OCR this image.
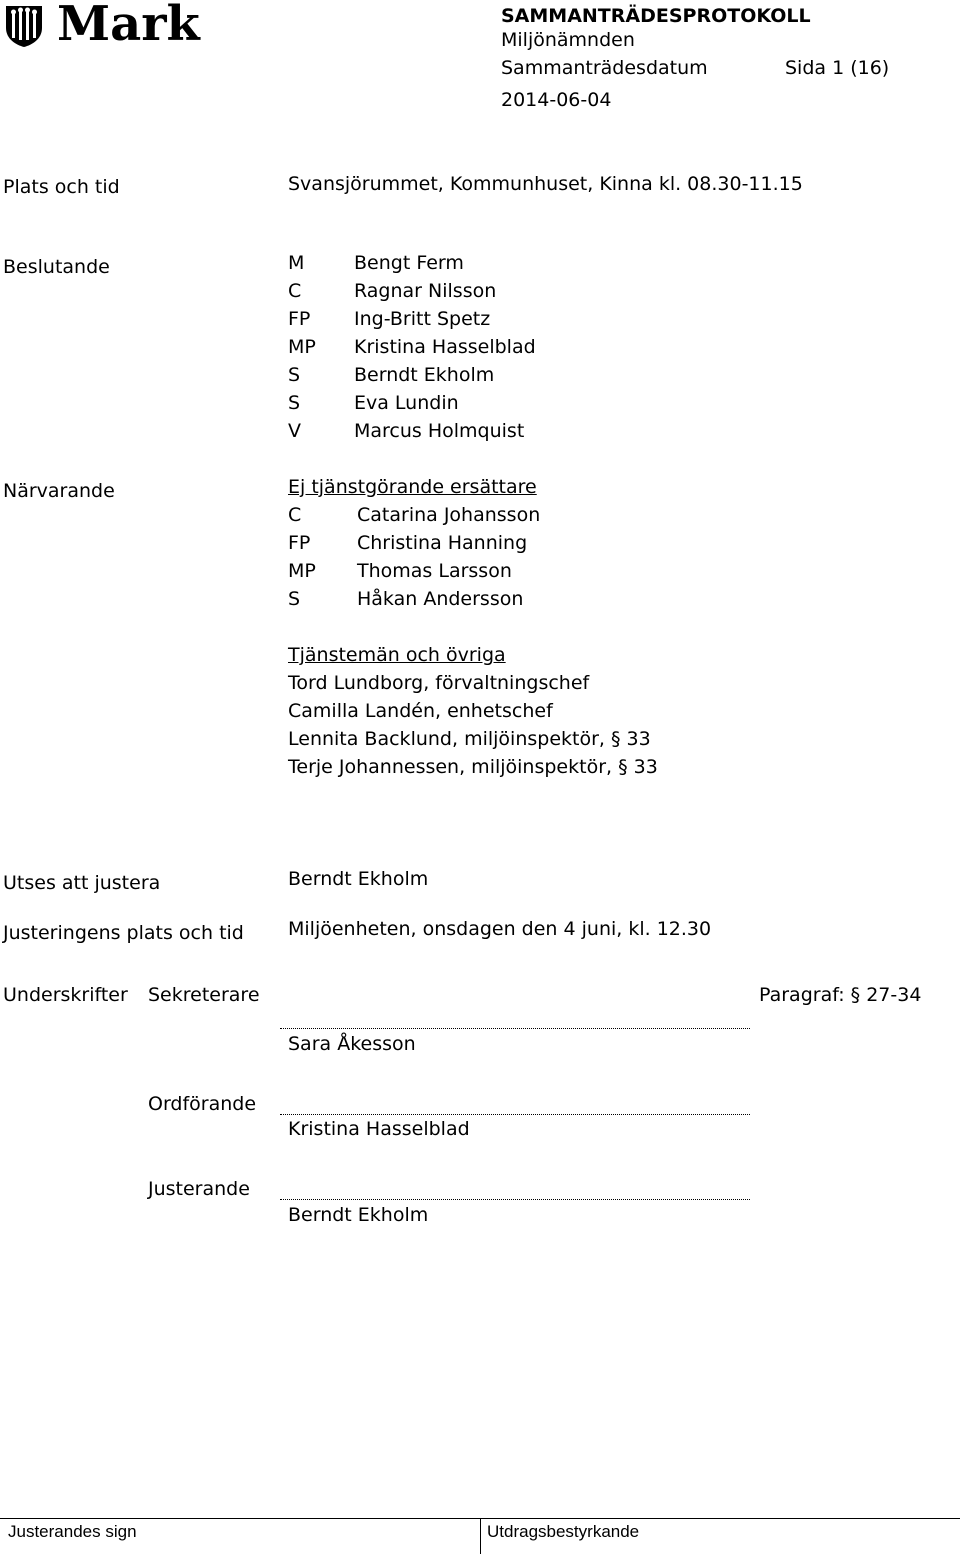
Mark	SAMMANTRÄDESPROTOKOLL
Miljönämnden
Sammanträdesdatum	Sida 1 (16)
2014-06-04
Plats och tid	Svansjörummet, Kommunhuset, Kinna kl. 08.30-11.15
Beslutande	M	Bengt Ferm
C	Ragnar Nilsson
FP Ing-Britt Spetz
MP Kristina Hasselblad
S	Berndt Ekholm
S	Eva Lundin
V	Marcus Holmquist
Närvarande	Ej tjänstgörande ersättare
C	Catarina Johansson
FP Christina Hanning
MP Thomas Larsson
S	Håkan Andersson
Tjänstemän och övriga
Tord Lundborg, förvaltningschef
Camilla Landén, enhetschef
Lennita Backlund, miljöinspektör, § 33
Terje Johannessen, miljöinspektör, § 33
Utses att justera	Berndt Ekholm
Justeringens plats och tid Miljöenheten, onsdagen den 4 juni, kl. 12.30
Underskrifter Sekreterare	Paragraf: § 27-34
Sara Åkesson
Ordförande
Kristina Hasselblad
Justerande
Berndt Ekholm
Justerandes sign	Utdragsbestyrkande
